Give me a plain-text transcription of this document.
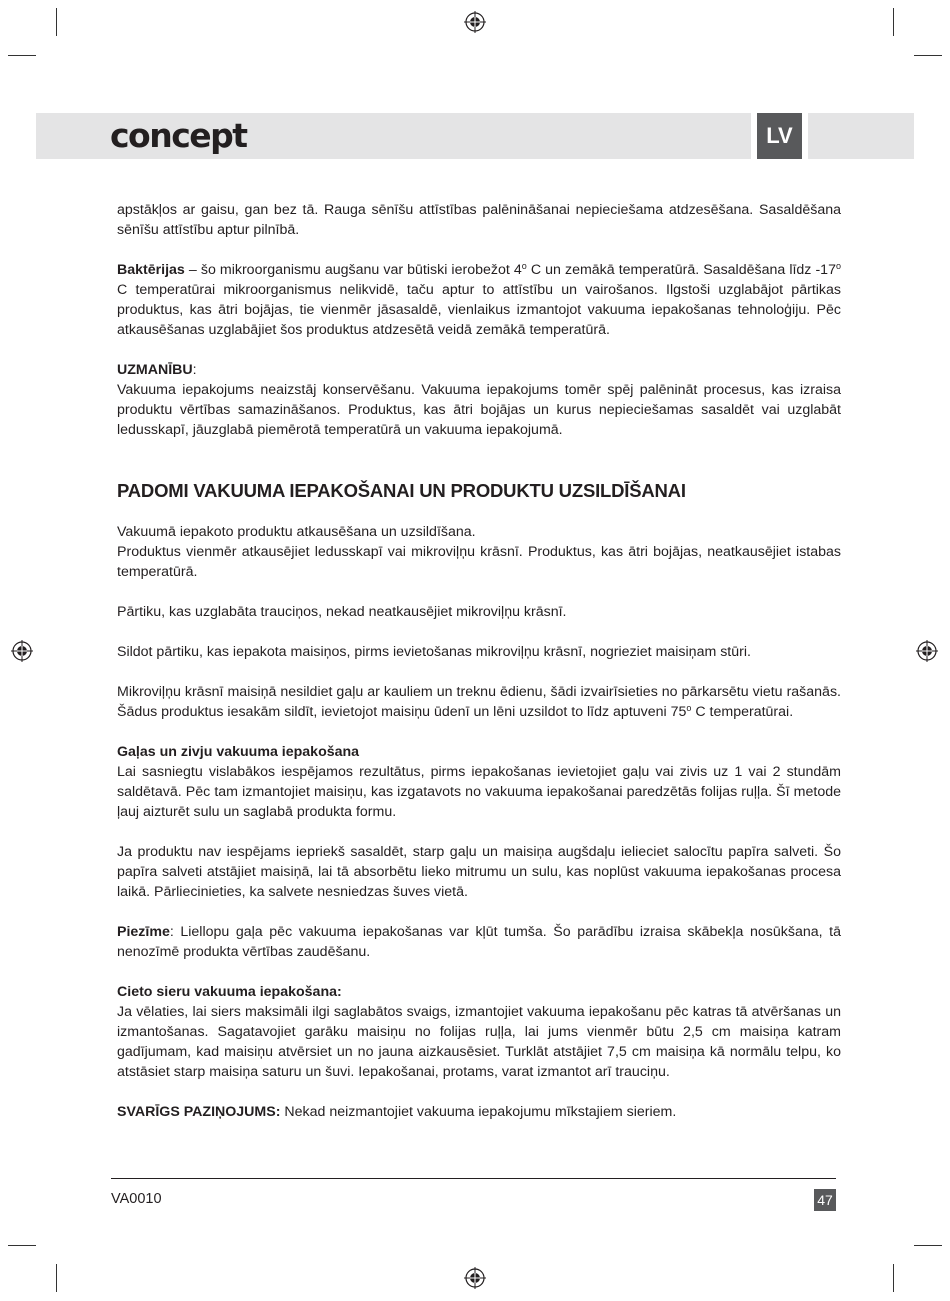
concept	LV

apstākļos ar gaisu, gan bez tā. Rauga sēnīšu attīstības palēnināšanai nepieciešama atdzesēšana. Sasaldēšana sēnīšu attīstību aptur pilnībā.

Baktērijas – šo mikroorganismu augšanu var būtiski ierobežot 4$^o$ C un zemākā temperatūrā. Sasaldēšana līdz -17$^o$ C temperatūrai mikroorganismus nelikvidē, taču aptur to attīstību un vairošanos. Ilgstoši uzglabājot pārtikas produktus, kas ātri bojājas, tie vienmēr jāsasaldē, vienlaikus izmantojot vakuuma iepakošanas tehnoloģiju. Pēc atkausēšanas uzglabājiet šos produktus atdzesētā veidā zemākā temperatūrā.

UZMANĪBU:

Vakuuma iepakojums neaizstāj konservēšanu. Vakuuma iepakojums tomēr spēj palēnināt procesus, kas izraisa produktu vērtības samazināšanos. Produktus, kas ātri bojājas un kurus nepieciešamas sasaldēt vai uzglabāt ledusskapī, jāuzglabā piemērotā temperatūrā un vakuuma iepakojumā.

PADOMI VAKUUMA IEPAKOŠANAI UN PRODUKTU UZSILDĪŠANAI

Vakuumā iepakoto produktu atkausēšana un uzsildīšana.

Produktus vienmēr atkausējiet ledusskapī vai mikroviļņu krāsnī. Produktus, kas ātri bojājas, neatkausējiet istabas temperatūrā.

Pārtiku, kas uzglabāta trauciņos, nekad neatkausējiet mikroviļņu krāsnī.

Sildot pārtiku, kas iepakota maisiņos, pirms ievietošanas mikroviļņu krāsnī, nogrieziet maisiņam stūri.

Mikroviļņu krāsnī maisiņā nesildiet gaļu ar kauliem un treknu ēdienu, šādi izvairīsieties no pārkarsētu vietu rašanās. Šādus produktus iesakām sildīt, ievietojot maisiņu ūdenī un lēni uzsildot to līdz aptuveni 75$^o$ C temperatūrai.

Gaļas un zivju vakuuma iepakošana

Lai sasniegtu vislabākos iespējamos rezultātus, pirms iepakošanas ievietojiet gaļu vai zivis uz 1 vai 2 stundām saldētavā. Pēc tam izmantojiet maisiņu, kas izgatavots no vakuuma iepakošanai paredzētās folijas ruļļa. Šī metode ļauj aizturēt sulu un saglabā produkta formu.

Ja produktu nav iespējams iepriekš sasaldēt, starp gaļu un maisiņa augšdaļu ielieciet salocītu papīra salveti. Šo papīra salveti atstājiet maisiņā, lai tā absorbētu lieko mitrumu un sulu, kas noplūst vakuuma iepakošanas procesa laikā. Pārliecinieties, ka salvete nesniedzas šuves vietā.

Piezīme: Liellopu gaļa pēc vakuuma iepakošanas var kļūt tumša. Šo parādību izraisa skābekļa nosūkšana, tā nenozīmē produkta vērtības zaudēšanu.

Cieto sieru vakuuma iepakošana:

Ja vēlaties, lai siers maksimāli ilgi saglabātos svaigs, izmantojiet vakuuma iepakošanu pēc katras tā atvēršanas un izmantošanas. Sagatavojiet garāku maisiņu no folijas ruļļa, lai jums vienmēr būtu 2,5 cm maisiņa katram gadījumam, kad maisiņu atvērsiet un no jauna aizkausēsiet. Turklāt atstājiet 7,5 cm maisiņa kā normālu telpu, ko atstāsiet starp maisiņa saturu un šuvi. Iepakošanai, protams, varat izmantot arī trauciņu.

SVARĪGS PAZIŅOJUMS: Nekad neizmantojiet vakuuma iepakojumu mīkstajiem sieriem.

VA0010	47
